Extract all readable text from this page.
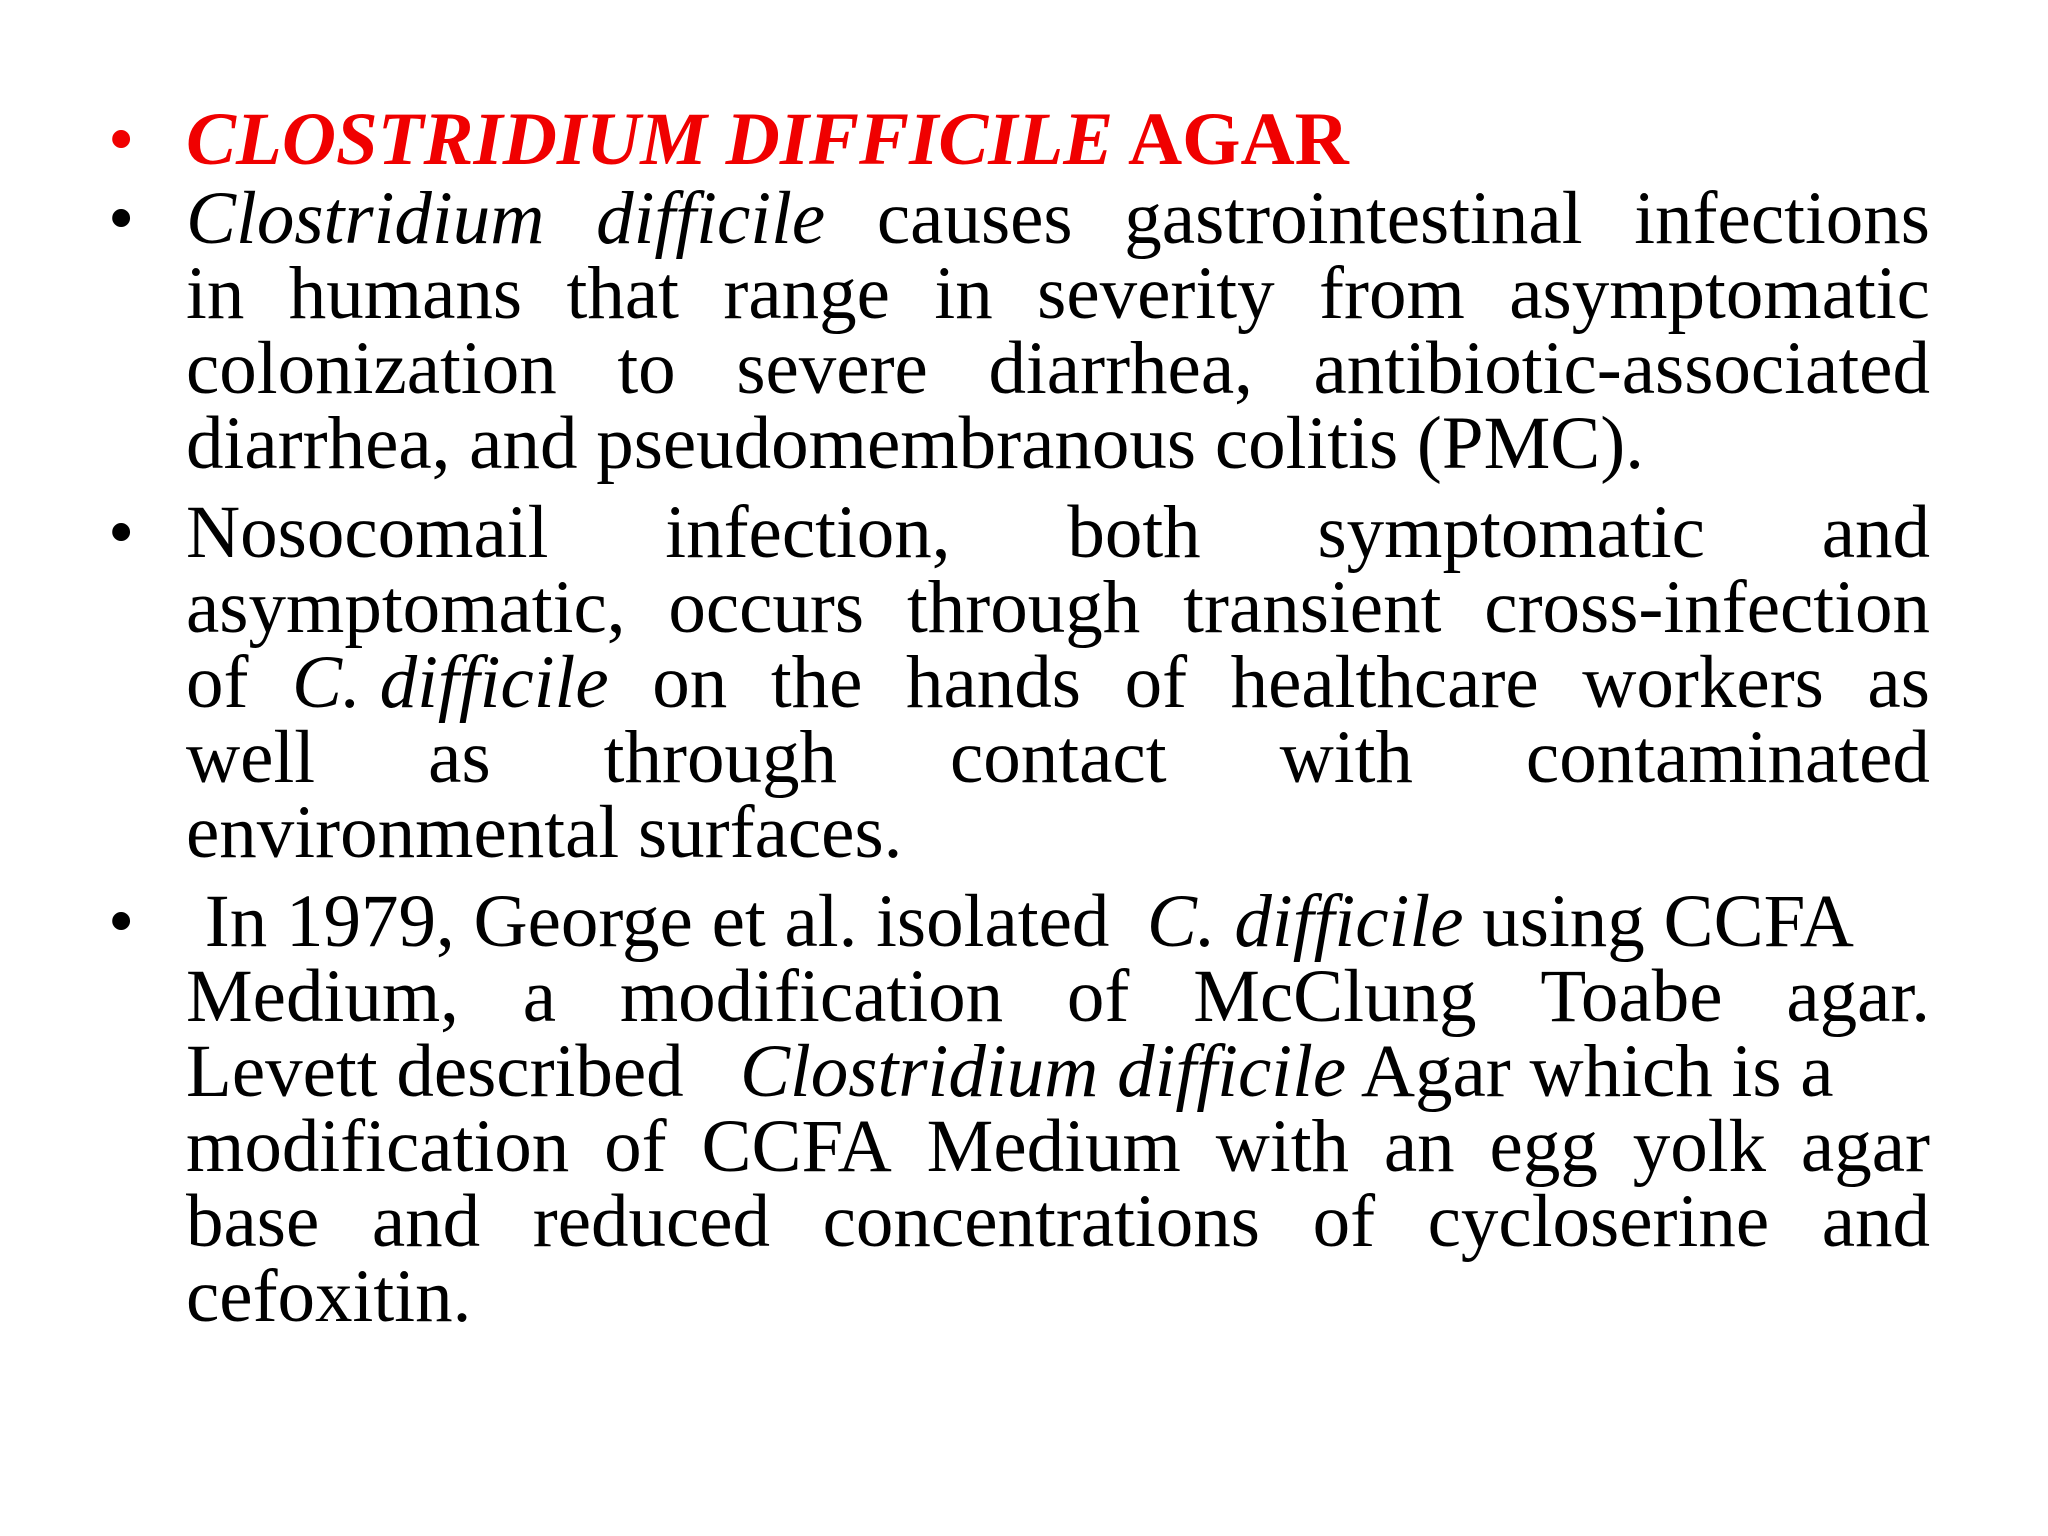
• CLOSTRIDIUM DIFFICILE AGAR
• Clostridium difficile causes gastrointestinal infections
in humans that range in severity from asymptomatic
colonization to severe diarrhea, antibiotic-associated
diarrhea, and pseudomembranous colitis (PMC).
• Nosocomail infection, both symptomatic and
asymptomatic, occurs through transient cross-infection
of C. difficile on the hands of healthcare workers as
well as through contact with contaminated
environmental surfaces.
• In 1979, George et al. isolated C. difficile using CCFA
Medium, a modification of McClung Toabe agar.
Levett described Clostridium difficile Agar which is a
modification of CCFA Medium with an egg yolk agar
base and reduced concentrations of cycloserine and
cefoxitin.
